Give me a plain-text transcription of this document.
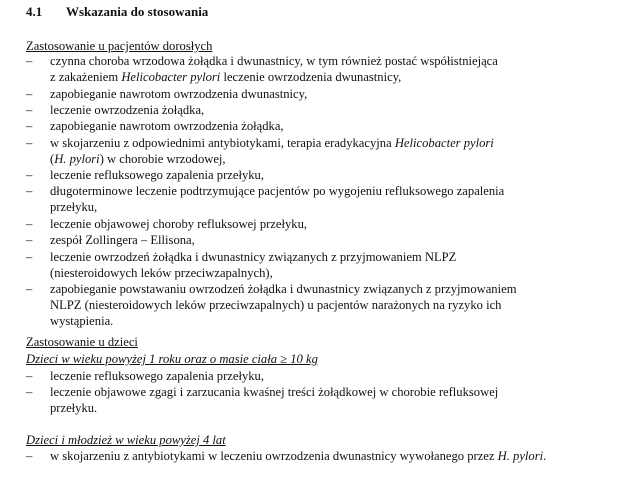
4.1 Wskazania do stosowania
Zastosowanie u pacjentów dorosłych
– czynna choroba wrzodowa żołądka i dwunastnicy, w tym również postać współistniejąca
z zakażeniem Helicobacter pylori leczenie owrzodzenia dwunastnicy,
– zapobieganie nawrotom owrzodzenia dwunastnicy,
– leczenie owrzodzenia żołądka,
– zapobieganie nawrotom owrzodzenia żołądka,
– w skojarzeniu z odpowiednimi antybiotykami, terapia eradykacyjna Helicobacter pylori
(H. pylori) w chorobie wrzodowej,
– leczenie refluksowego zapalenia przełyku,
– długoterminowe leczenie podtrzymujące pacjentów po wygojeniu refluksowego zapalenia
przełyku,
– leczenie objawowej choroby refluksowej przełyku,
– zespół Zollingera – Ellisona,
– leczenie owrzodzeń żołądka i dwunastnicy związanych z przyjmowaniem NLPZ
(niesteroidowych leków przeciwzapalnych),
– zapobieganie powstawaniu owrzodzeń żołądka i dwunastnicy związanych z przyjmowaniem
NLPZ (niesteroidowych leków przeciwzapalnych) u pacjentów narażonych na ryzyko ich
wystąpienia.
Zastosowanie u dzieci
Dzieci w wieku powyżej 1 roku oraz o masie ciała ≥ 10 kg
– leczenie refluksowego zapalenia przełyku,
– leczenie objawowe zgagi i zarzucania kwaśnej treści żołądkowej w chorobie refluksowej
przełyku.
Dzieci i młodzież w wieku powyżej 4 lat
– w skojarzeniu z antybiotykami w leczeniu owrzodzenia dwunastnicy wywołanego przez H. pylori.
